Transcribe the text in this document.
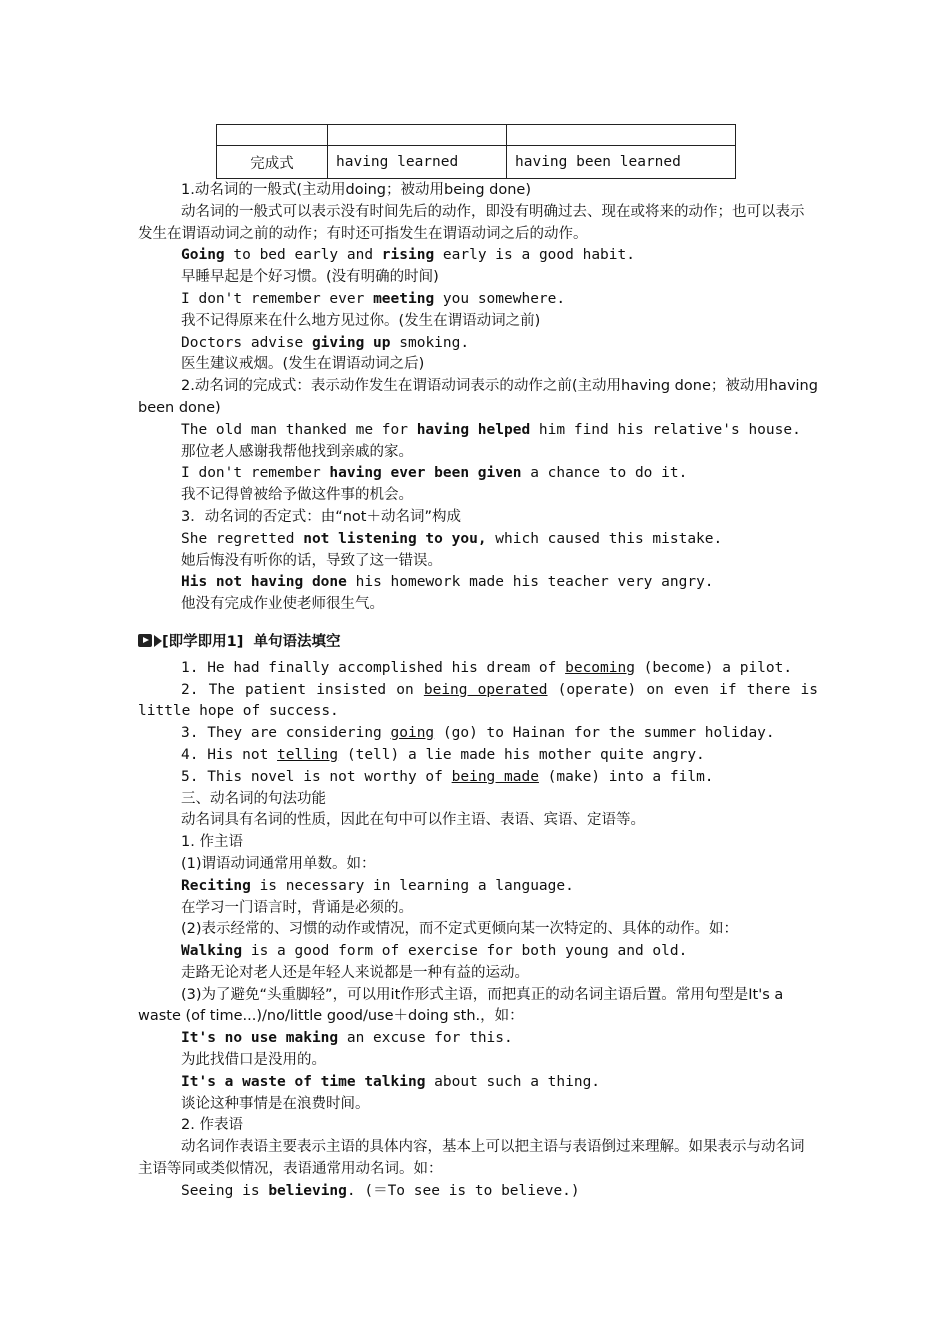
完成式	having learned	having been learned

1.动名词的一般式(主动用doing；被动用being done)

动名词的一般式可以表示没有时间先后的动作，即没有明确过去、现在或将来的动作；也可以表示发生在谓语动词之前的动作；有时还可指发生在谓语动词之后的动作。

Going to bed early and rising early is a good habit.

早睡早起是个好习惯。(没有明确的时间)

I don't remember ever meeting you somewhere.

我不记得原来在什么地方见过你。(发生在谓语动词之前)

Doctors advise giving up smoking.

医生建议戒烟。(发生在谓语动词之后)

2.动名词的完成式：表示动作发生在谓语动词表示的动作之前(主动用having done；被动用having been done)

The old man thanked me for having helped him find his relative's house.

那位老人感谢我帮他找到亲戚的家。

I don't remember having ever been given a chance to do it.

我不记得曾被给予做这件事的机会。

3．动名词的否定式：由“not＋动名词”构成

She regretted not listening to you, which caused this mistake.

她后悔没有听你的话，导致了这一错误。

His not having done his homework made his teacher very angry.

他没有完成作业使老师很生气。

[即学即用1] 单句语法填空

1. He had finally accomplished his dream of becoming (become) a pilot.

2. The patient insisted on being operated (operate) on even if there is little hope of success.

3. They are considering going (go) to Hainan for the summer holiday.

4. His not telling (tell) a lie made his mother quite angry.

5. This novel is not worthy of being made (make) into a film.

三、动名词的句法功能

动名词具有名词的性质，因此在句中可以作主语、表语、宾语、定语等。

1. 作主语

(1)谓语动词通常用单数。如：

Reciting is necessary in learning a language.

在学习一门语言时，背诵是必须的。

(2)表示经常的、习惯的动作或情况，而不定式更倾向某一次特定的、具体的动作。如：

Walking is a good form of exercise for both young and old.

走路无论对老人还是年轻人来说都是一种有益的运动。

(3)为了避免“头重脚轻”，可以用it作形式主语，而把真正的动名词主语后置。常用句型是It's a waste (of time...)/no/little good/use＋doing sth.，如：

It's no use making an excuse for this.

为此找借口是没用的。

It's a waste of time talking about such a thing.

谈论这种事情是在浪费时间。

2. 作表语

动名词作表语主要表示主语的具体内容，基本上可以把主语与表语倒过来理解。如果表示与动名词主语等同或类似情况，表语通常用动名词。如：

Seeing is believing. (＝To see is to believe.)
